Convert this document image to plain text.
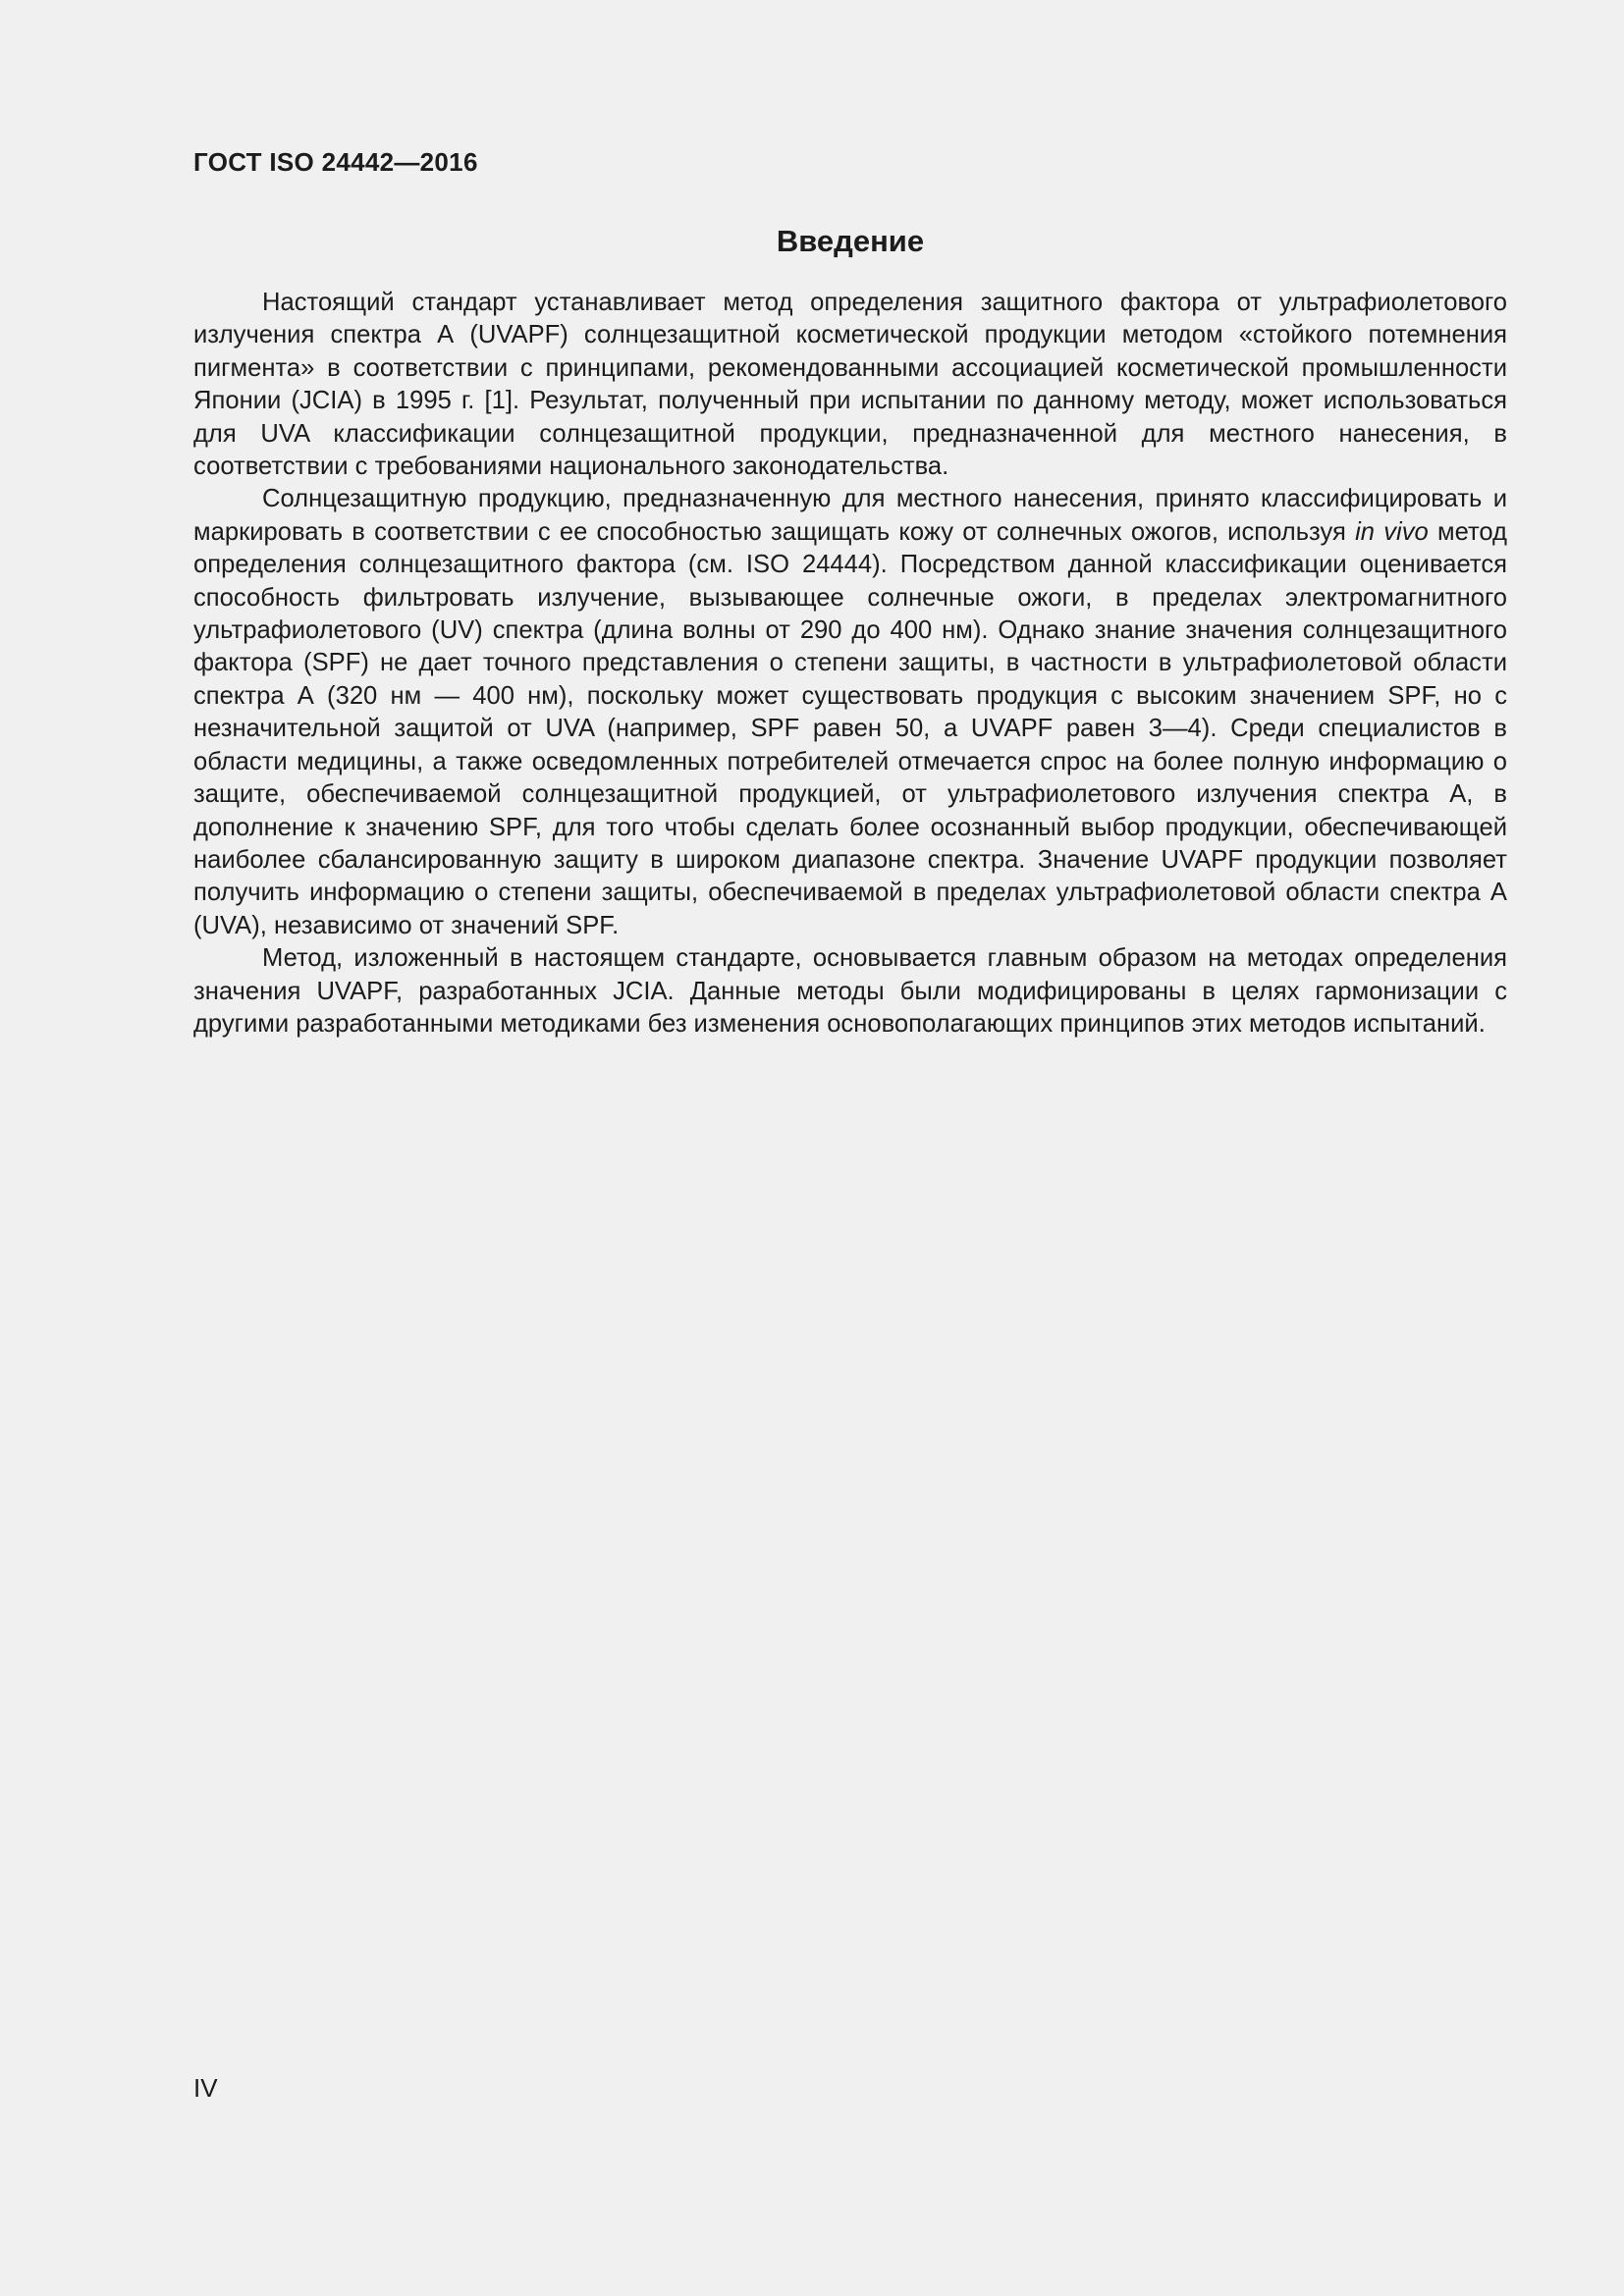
ГОСТ ISO 24442—2016
Введение

Настоящий стандарт устанавливает метод определения защитного фактора от ультрафиолетового излучения спектра А (UVAPF) солнцезащитной косметической продукции методом «стойкого потемнения пигмента» в соответствии с принципами, рекомендованными ассоциацией косметической промышленности Японии (JCIA) в 1995 г. [1]. Результат, полученный при испытании по данному методу, может использоваться для UVA классификации солнцезащитной продукции, предназначенной для местного нанесения, в соответствии с требованиями национального законодательства.

Солнцезащитную продукцию, предназначенную для местного нанесения, принято классифицировать и маркировать в соответствии с ее способностью защищать кожу от солнечных ожогов, используя in vivo метод определения солнцезащитного фактора (см. ISO 24444). Посредством данной классификации оценивается способность фильтровать излучение, вызывающее солнечные ожоги, в пределах электромагнитного ультрафиолетового (UV) спектра (длина волны от 290 до 400 нм). Однако знание значения солнцезащитного фактора (SPF) не дает точного представления о степени защиты, в частности в ультрафиолетовой области спектра А (320 нм — 400 нм), поскольку может существовать продукция с высоким значением SPF, но с незначительной защитой от UVA (например, SPF равен 50, а UVAPF равен 3—4). Среди специалистов в области медицины, а также осведомленных потребителей отмечается спрос на более полную информацию о защите, обеспечиваемой солнцезащитной продукцией, от ультрафиолетового излучения спектра А, в дополнение к значению SPF, для того чтобы сделать более осознанный выбор продукции, обеспечивающей наиболее сбалансированную защиту в широком диапазоне спектра. Значение UVAPF продукции позволяет получить информацию о степени защиты, обеспечиваемой в пределах ультрафиолетовой области спектра А (UVA), независимо от значений SPF.

Метод, изложенный в настоящем стандарте, основывается главным образом на методах определения значения UVAPF, разработанных JCIA. Данные методы были модифицированы в целях гармонизации с другими разработанными методиками без изменения основополагающих принципов этих методов испытаний.

IV
